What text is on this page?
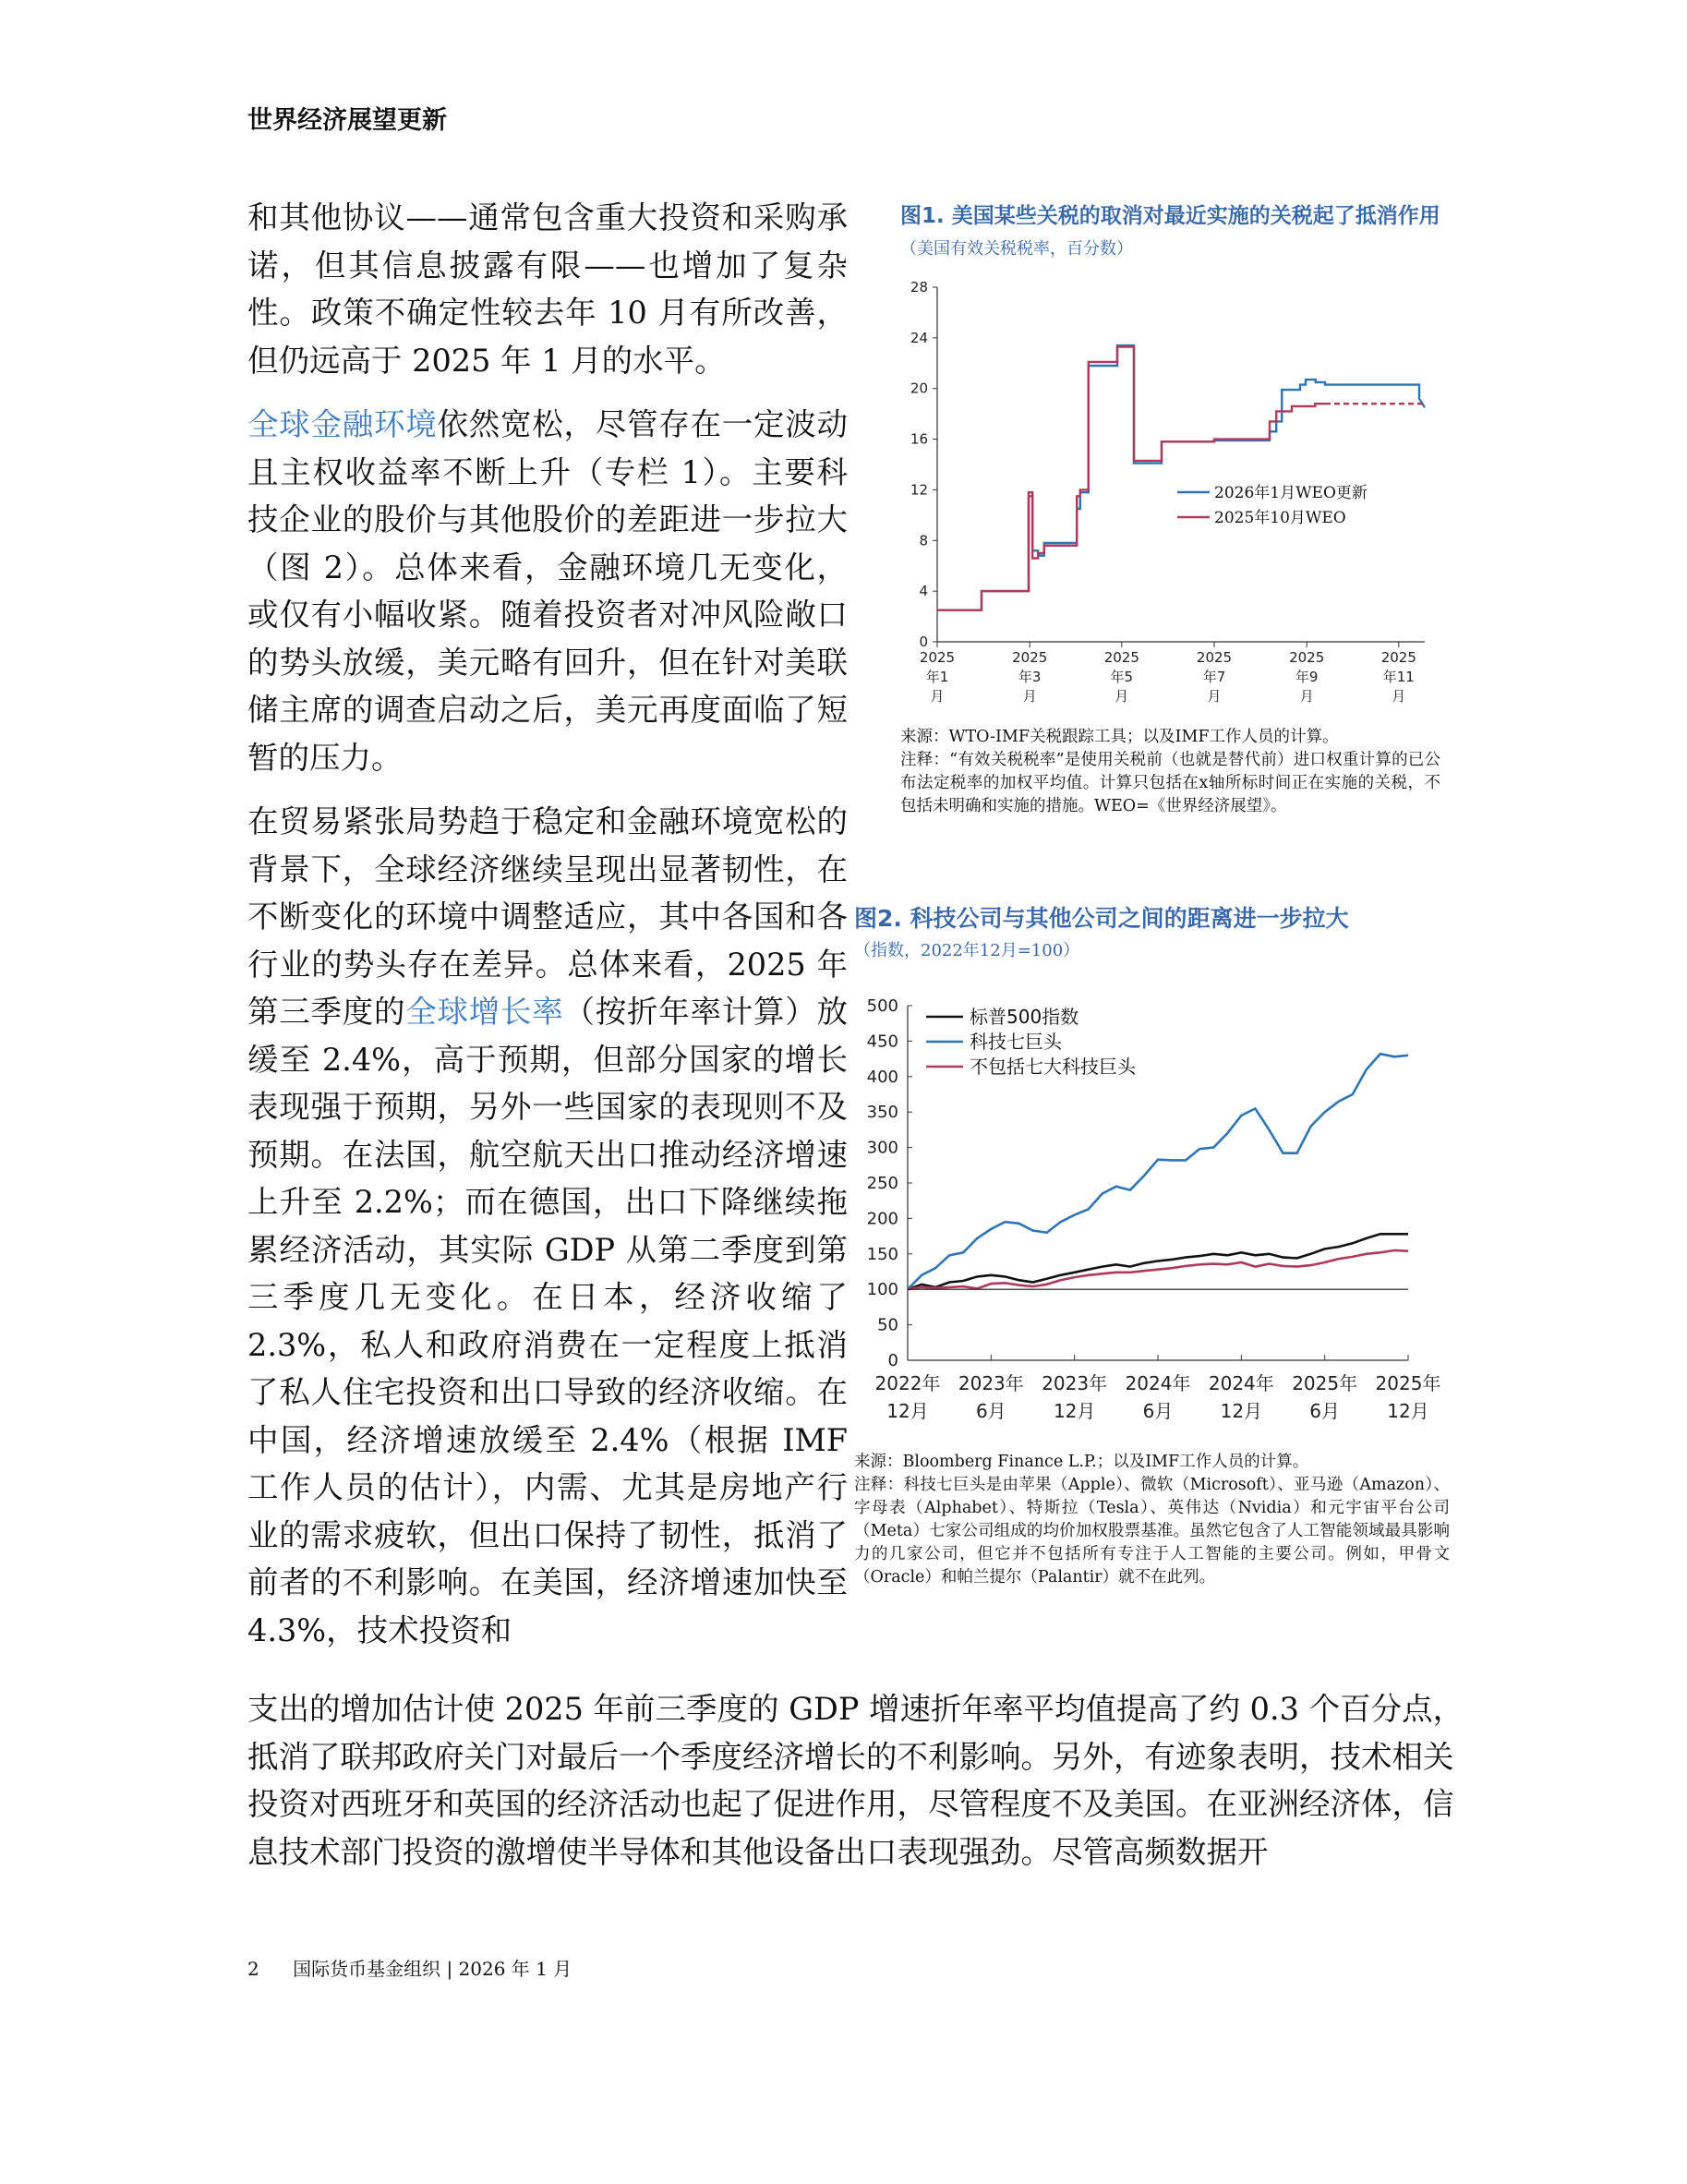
世界经济展望更新

和其他协议——通常包含重大投资和采购承诺，但其信息披露有限——也增加了复杂性。政策不确定性较去年 10 月有所改善，但仍远高于 2025 年 1 月的水平。

全球金融环境依然宽松，尽管存在一定波动且主权收益率不断上升（专栏 1）。主要科技企业的股价与其他股价的差距进一步拉大（图 2）。总体来看，金融环境几无变化，或仅有小幅收紧。随着投资者对冲风险敞口的势头放缓，美元略有回升，但在针对美联储主席的调查启动之后，美元再度面临了短暂的压力。

在贸易紧张局势趋于稳定和金融环境宽松的背景下，全球经济继续呈现出显著韧性，在不断变化的环境中调整适应，其中各国和各行业的势头存在差异。总体来看，2025 年第三季度的全球增长率（按折年率计算）放缓至 2.4%，高于预期，但部分国家的增长表现强于预期，另外一些国家的表现则不及预期。在法国，航空航天出口推动经济增速上升至 2.2%；而在德国，出口下降继续拖累经济活动，其实际 GDP 从第二季度到第三季度几无变化。在日本，经济收缩了 2.3%，私人和政府消费在一定程度上抵消了私人住宅投资和出口导致的经济收缩。在中国，经济增速放缓至 2.4%（根据 IMF 工作人员的估计），内需、尤其是房地产行业的需求疲软，但出口保持了韧性，抵消了前者的不利影响。在美国，经济增速加快至 4.3%，技术投资和

支出的增加估计使 2025 年前三季度的 GDP 增速折年率平均值提高了约 0.3 个百分点，抵消了联邦政府关门对最后一个季度经济增长的不利影响。另外，有迹象表明，技术相关投资对西班牙和英国的经济活动也起了促进作用，尽管程度不及美国。在亚洲经济体，信息技术部门投资的激增使半导体和其他设备出口表现强劲。尽管高频数据开
图1. 美国某些关税的取消对最近实施的关税起了抵消作用
（美国有效关税税率，百分数）
28
24
20
16
12
8
4
0
2025
年1
月
2025
年3
月
2025
年5
月
2025
年7
月
2025
年9
月
2025
年11
月
2026年1月WEO更新
2025年10月WEO
来源：WTO-IMF关税跟踪工具；以及IMF工作人员的计算。
注释：“有效关税税率”是使用关税前（也就是替代前）进口权重计算的已公布法定税率的加权平均值。计算只包括在x轴所标时间正在实施的关税，不包括未明确和实施的措施。WEO=《世界经济展望》。
图2. 科技公司与其他公司之间的距离进一步拉大
（指数，2022年12月=100）
500
450
400
350
300
250
200
150
100
50
0
2022年
12月
2023年
6月
2023年
12月
2024年
6月
2024年
12月
2025年
6月
2025年
12月
标普500指数
科技七巨头
不包括七大科技巨头
来源：Bloomberg Finance L.P.；以及IMF工作人员的计算。
注释：科技七巨头是由苹果（Apple）、微软（Microsoft）、亚马逊（Amazon）、字母表（Alphabet）、特斯拉（Tesla）、英伟达（Nvidia）和元宇宙平台公司（Meta）七家公司组成的均价加权股票基准。虽然它包含了人工智能领域最具影响力的几家公司，但它并不包括所有专注于人工智能的主要公司。例如，甲骨文（Oracle）和帕兰提尔（Palantir）就不在此列。
2 国际货币基金组织 | 2026 年 1 月
